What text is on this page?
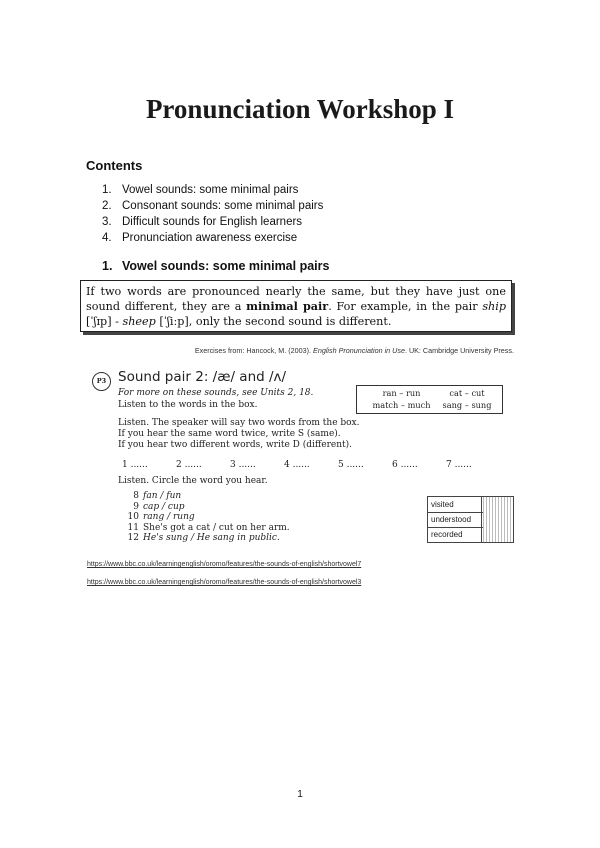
Pronunciation Workshop I
Contents
1. Vowel sounds: some minimal pairs
2. Consonant sounds: some minimal pairs
3. Difficult sounds for English learners
4. Pronunciation awareness exercise
1. Vowel sounds: some minimal pairs
If two words are pronounced nearly the same, but they have just one sound different, they are a minimal pair. For example, in the pair ship [ˈʃɪp] - sheep [ˈʃiːp], only the second sound is different.
Exercises from: Hancock, M. (2003). English Pronunciation in Use. UK: Cambridge University Press.
P3 Sound pair 2: /æ/ and /ʌ/
For more on these sounds, see Units 2, 18.
Listen to the words in the box.
ran – run	cat – cut
match – much	sang – sung
Listen. The speaker will say two words from the box.
If you hear the same word twice, write S (same).
If you hear two different words, write D (different).
1 ......	2 ......	3 ......	4 ......	5 ......	6 ......	7 ......
Listen. Circle the word you hear.
8 fan / fun
9 cap / cup
10 rang / rung
11 She's got a cat / cut on her arm.
12 He's sung / He sang in public.
visited
understood
recorded
https://www.bbc.co.uk/learningenglish/oromo/features/the-sounds-of-english/shortvowel7
https://www.bbc.co.uk/learningenglish/oromo/features/the-sounds-of-english/shortvowel3
1
